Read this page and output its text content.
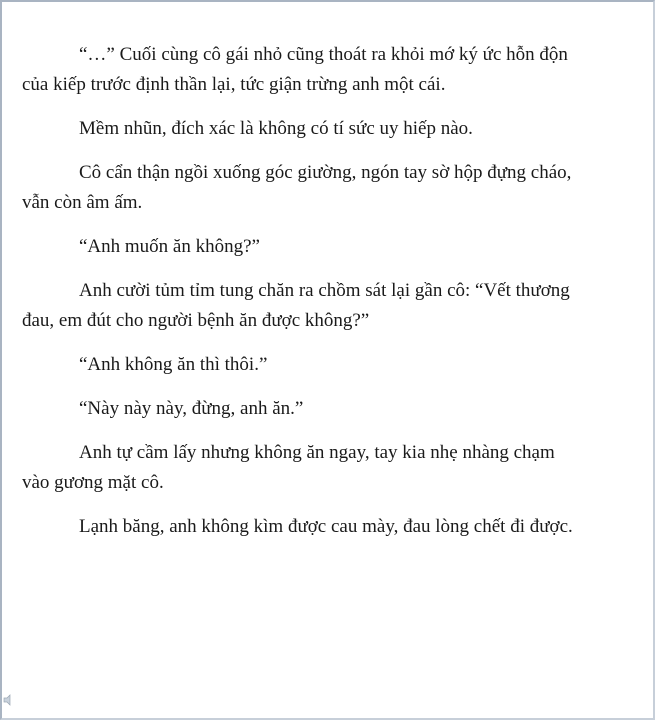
“…” Cuối cùng cô gái nhỏ cũng thoát ra khỏi mớ ký ức hỗn độn
của kiếp trước định thần lại, tức giận trừng anh một cái.
Mềm nhũn, đích xác là không có tí sức uy hiếp nào.
Cô cẩn thận ngồi xuống góc giường, ngón tay sờ hộp đựng cháo,
vẫn còn âm ấm.
“Anh muốn ăn không?”
Anh cười tủm tỉm tung chăn ra chồm sát lại gần cô: “Vết thương
đau, em đút cho người bệnh ăn được không?”
“Anh không ăn thì thôi.”
“Này này này, đừng, anh ăn.”
Anh tự cầm lấy nhưng không ăn ngay, tay kia nhẹ nhàng chạm
vào gương mặt cô.
Lạnh băng, anh không kìm được cau mày, đau lòng chết đi được.
